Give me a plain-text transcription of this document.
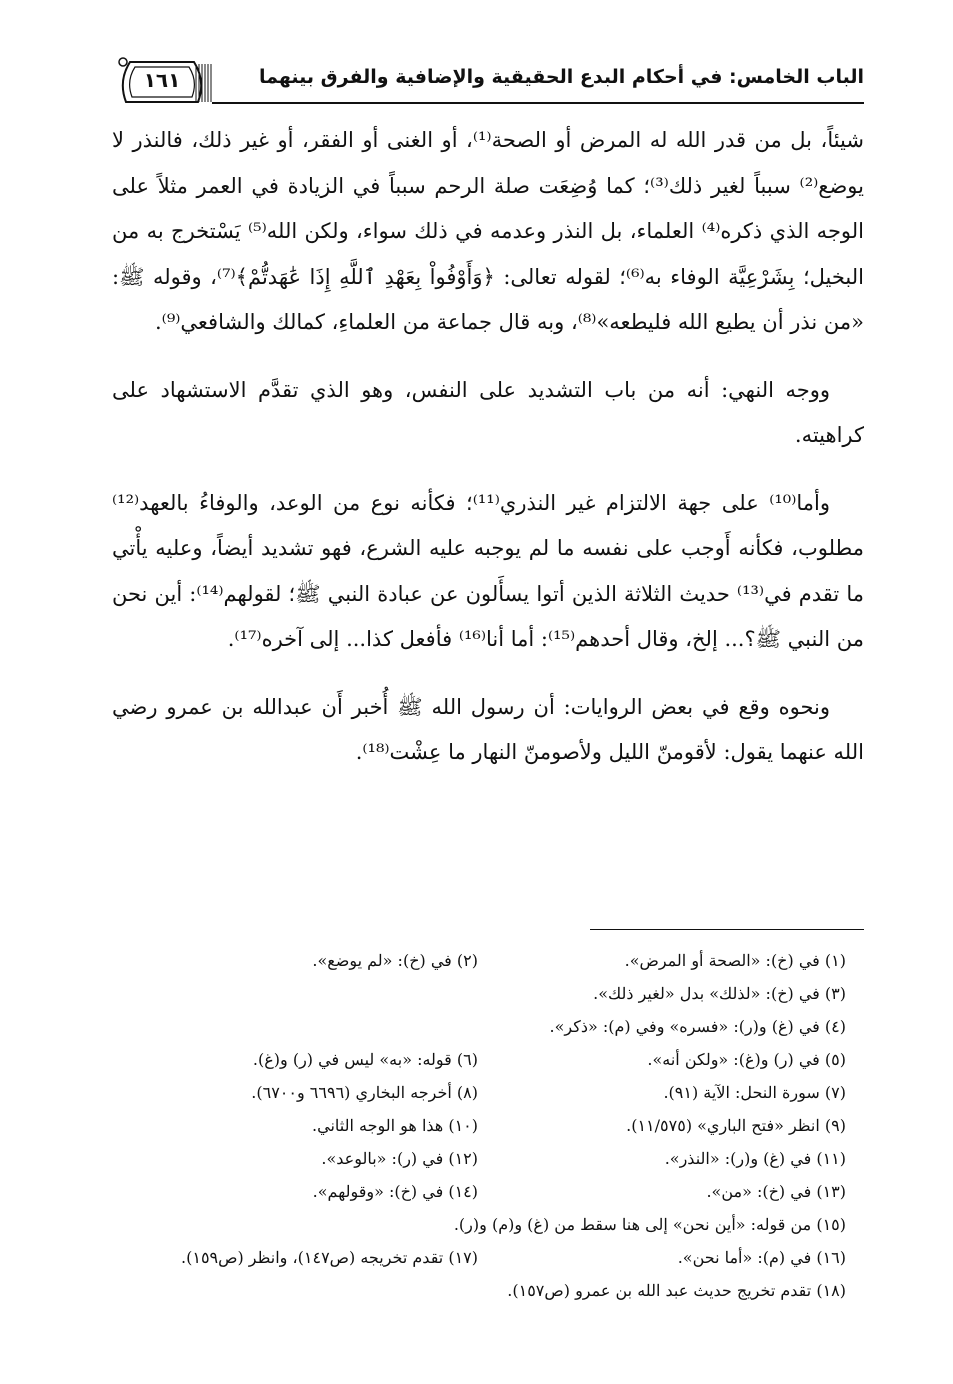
الباب الخامس: في أحكام البدع الحقيقية والإضافية والفرق بينهما
١٦١

شيئاً، بل من قدر الله له المرض أو الصحة⁽¹⁾، أو الغنى أو الفقر، أو غير ذلك، فالنذر لا يوضع⁽²⁾ سبباً لغير ذلك⁽³⁾؛ كما وُضِعَت صلة الرحم سبباً في الزيادة في العمر مثلاً على الوجه الذي ذكره⁽⁴⁾ العلماء، بل النذر وعدمه في ذلك سواء، ولكن الله⁽⁵⁾ يَسْتخرج به من البخيل؛ بِشَرْعِيَّة الوفاء به⁽⁶⁾؛ لقوله تعالى: ﴿وَأَوْفُواْ بِعَهْدِ ٱللَّهِ إِذَا عَٰهَدتُّمْ﴾⁽⁷⁾، وقوله ﷺ: «من نذر أن يطيع الله فليطعه»⁽⁸⁾، وبه قال جماعة من العلماءِ، كمالك والشافعي⁽⁹⁾.

ووجه النهي: أنه من باب التشديد على النفس، وهو الذي تقدَّم الاستشهاد على كراهيته.

وأما⁽¹⁰⁾ على جهة الالتزام غير النذري⁽¹¹⁾؛ فكأنه نوع من الوعد، والوفاءُ بالعهد⁽¹²⁾ مطلوب، فكأنه أَوجب على نفسه ما لم يوجبه عليه الشرع، فهو تشديد أيضاً، وعليه يأْتي ما تقدم في⁽¹³⁾ حديث الثلاثة الذين أتوا يسأَلون عن عبادة النبي ﷺ؛ لقولهم⁽¹⁴⁾: أين نحن من النبي ﷺ؟... إلخ، وقال أحدهم⁽¹⁵⁾: أما أنا⁽¹⁶⁾ فأفعل كذا... إلى آخره⁽¹⁷⁾.

ونحوه وقع في بعض الروايات: أن رسول الله ﷺ أُخبر أَن عبدالله بن عمرو رضي الله عنهما يقول: لأقومنّ الليل ولأصومنّ النهار ما عِشْت⁽¹⁸⁾.

(١) في (خ): «الصحة أو المرض».
(٢) في (خ): «لم يوضع».
(٣) في (خ): «لذلك» بدل «لغير ذلك».
(٤) في (غ) و(ر): «فسره» وفي (م): «ذكر».
(٥) في (ر) و(غ): «ولكن أنه».
(٦) قوله: «به» ليس في (ر) و(غ).
(٧) سورة النحل: الآية (٩١).
(٨) أخرجه البخاري (٦٦٩٦ و٦٧٠٠).
(٩) انظر «فتح الباري» (١١/٥٧٥).
(١٠) هذا هو الوجه الثاني.
(١١) في (غ) و(ر): «النذر».
(١٢) في (ر): «بالوعد».
(١٣) في (خ): «من».
(١٤) في (خ): «وقولهم».
(١٥) من قوله: «أين نحن» إلى هنا سقط من (غ) و(م) و(ر).
(١٦) في (م): «أما نحن».
(١٧) تقدم تخريجه (ص١٤٧)، وانظر (ص١٥٩).
(١٨) تقدم تخريج حديث عبد الله بن عمرو (ص١٥٧).
